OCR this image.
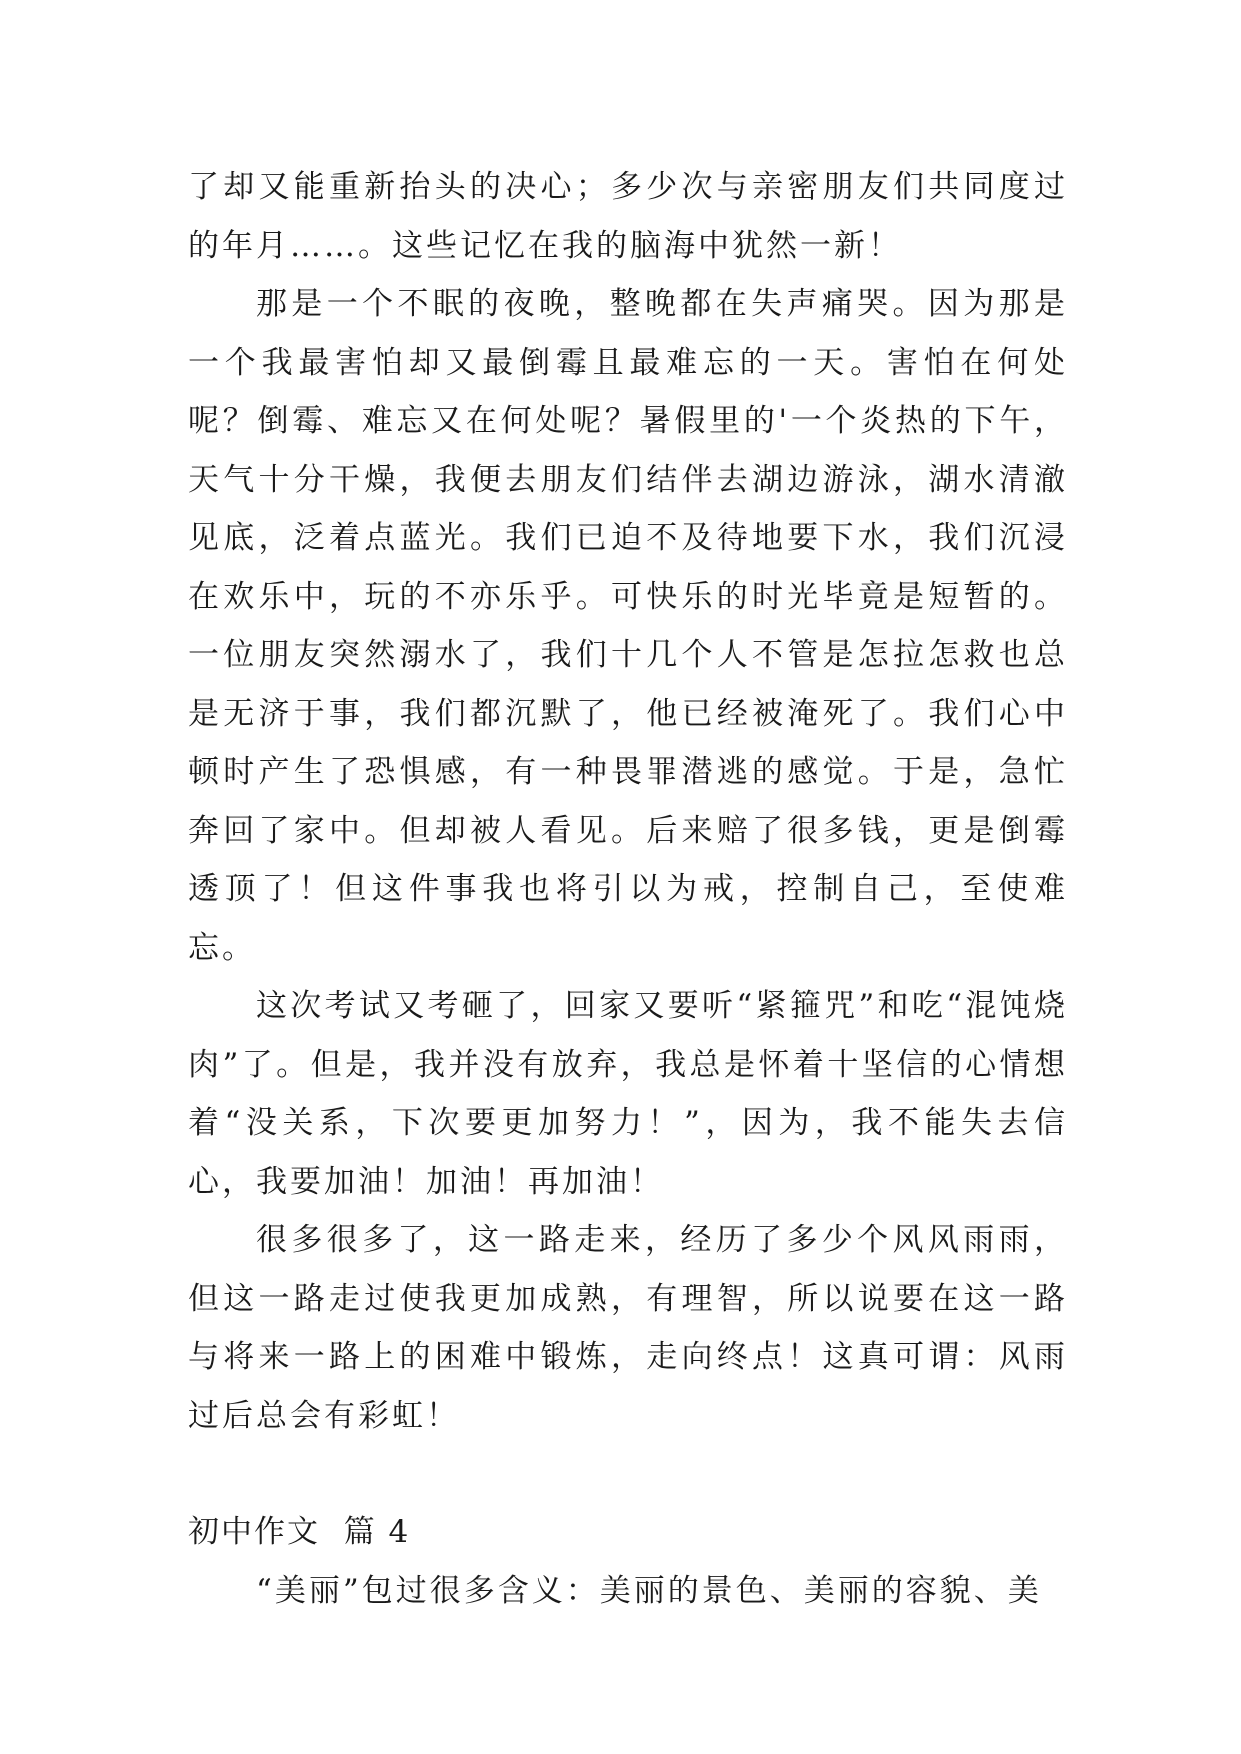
了却又能重新抬头的决心；多少次与亲密朋友们共同度过的年月……。这些记忆在我的脑海中犹然一新！

那是一个不眠的夜晚，整晚都在失声痛哭。因为那是一个我最害怕却又最倒霉且最难忘的一天。害怕在何处呢？倒霉、难忘又在何处呢？暑假里的'一个炎热的下午，天气十分干燥，我便去朋友们结伴去湖边游泳，湖水清澈见底，泛着点蓝光。我们已迫不及待地要下水，我们沉浸在欢乐中，玩的不亦乐乎。可快乐的时光毕竟是短暂的。一位朋友突然溺水了，我们十几个人不管是怎拉怎救也总是无济于事，我们都沉默了，他已经被淹死了。我们心中顿时产生了恐惧感，有一种畏罪潜逃的感觉。于是，急忙奔回了家中。但却被人看见。后来赔了很多钱，更是倒霉透顶了！但这件事我也将引以为戒，控制自己，至使难忘。

这次考试又考砸了，回家又要听“紧箍咒”和吃“混饨烧肉”了。但是，我并没有放弃，我总是怀着十坚信的心情想着“没关系，下次要更加努力！”，因为，我不能失去信心，我要加油！加油！再加油！

很多很多了，这一路走来，经历了多少个风风雨雨，但这一路走过使我更加成熟，有理智，所以说要在这一路与将来一路上的困难中锻炼，走向终点！这真可谓：风雨过后总会有彩虹！

初中作文  篇 4

“美丽”包过很多含义：美丽的景色、美丽的容貌、美
